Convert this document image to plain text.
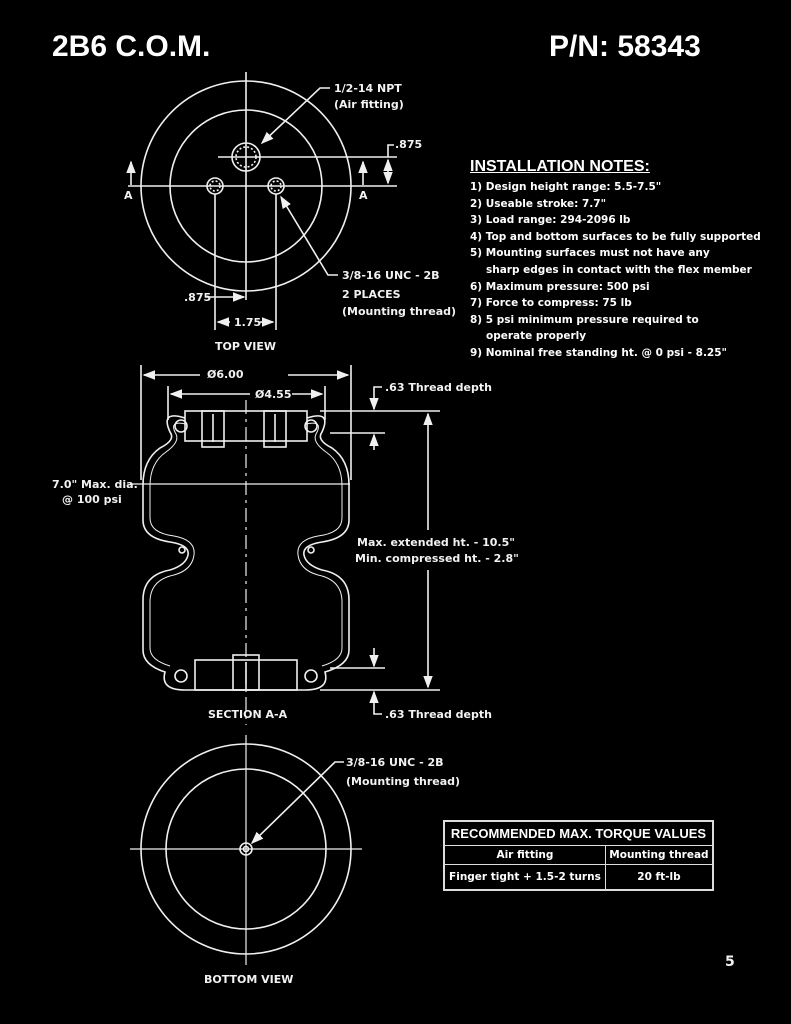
2B6 C.O.M.	P/N: 58343
1/2-14 NPT
(Air fitting)
.875
A	A
3/8-16 UNC - 2B
2 PLACES
(Mounting thread)
.875
1.75
TOP VIEW
Ø6.00
Ø4.55
.63 Thread depth
7.0" Max. dia.
@ 100 psi
Max. extended ht. - 10.5"
Min. compressed ht. - 2.8"
.63 Thread depth
SECTION A-A
3/8-16 UNC - 2B
(Mounting thread)
BOTTOM VIEW
INSTALLATION NOTES:
1) Design height range: 5.5-7.5"
2) Useable stroke: 7.7"
3) Load range: 294-2096 lb
4) Top and bottom surfaces to be fully supported
5) Mounting surfaces must not have any
sharp edges in contact with the flex member
6) Maximum pressure: 500 psi
7) Force to compress: 75 lb
8) 5 psi minimum pressure required to
operate properly
9) Nominal free standing ht. @ 0 psi - 8.25"
RECOMMENDED MAX. TORQUE VALUES	
Air fitting	Mounting thread
Finger tight + 1.5-2 turns	20 ft-lb
5
